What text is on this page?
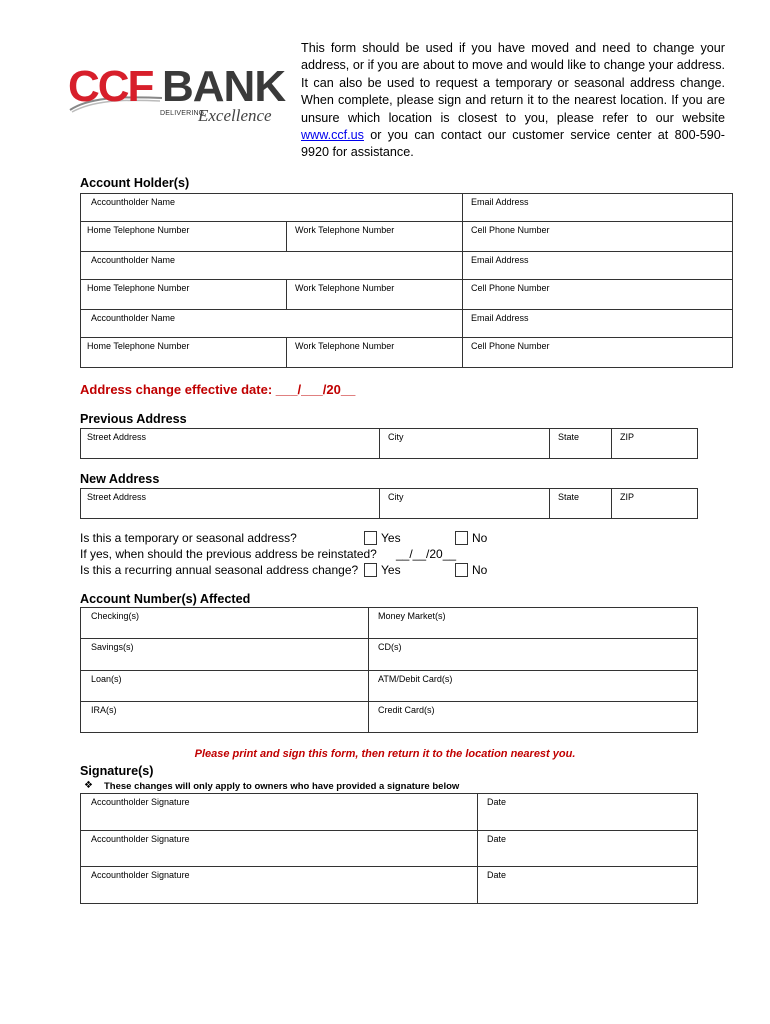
CCF BANK
DELIVERING
Excellence
This form should be used if you have moved and need to change your address, or if you are about to move and would like to change your address. It can also be used to request a temporary or seasonal address change. When complete, please sign and return it to the nearest location. If you are unsure which location is closest to you, please refer to our website www.ccf.us or you can contact our customer service center at 800-590-9920 for assistance.
Account Holder(s)
Accountholder Name		Email Address
Home Telephone Number	Work Telephone Number	Cell Phone Number
Accountholder Name		Email Address
Home Telephone Number	Work Telephone Number	Cell Phone Number
Accountholder Name		Email Address
Home Telephone Number	Work Telephone Number	Cell Phone Number
Address change effective date: ___/___/20__
Previous Address
Street Address	City	State	ZIP
New Address
Street Address	City	State	ZIP
Is this a temporary or seasonal address?	Yes	No
If yes, when should the previous address be reinstated? __/__/20__
Is this a recurring annual seasonal address change? Yes	No
Account Number(s) Affected
Checking(s)	Money Market(s)
Savings(s)	CD(s)
Loan(s)	ATM/Debit Card(s)
IRA(s)	Credit Card(s)
Please print and sign this form, then return it to the location nearest you.
Signature(s)
❖ These changes will only apply to owners who have provided a signature below
Accountholder Signature	Date
Accountholder Signature	Date
Accountholder Signature	Date
